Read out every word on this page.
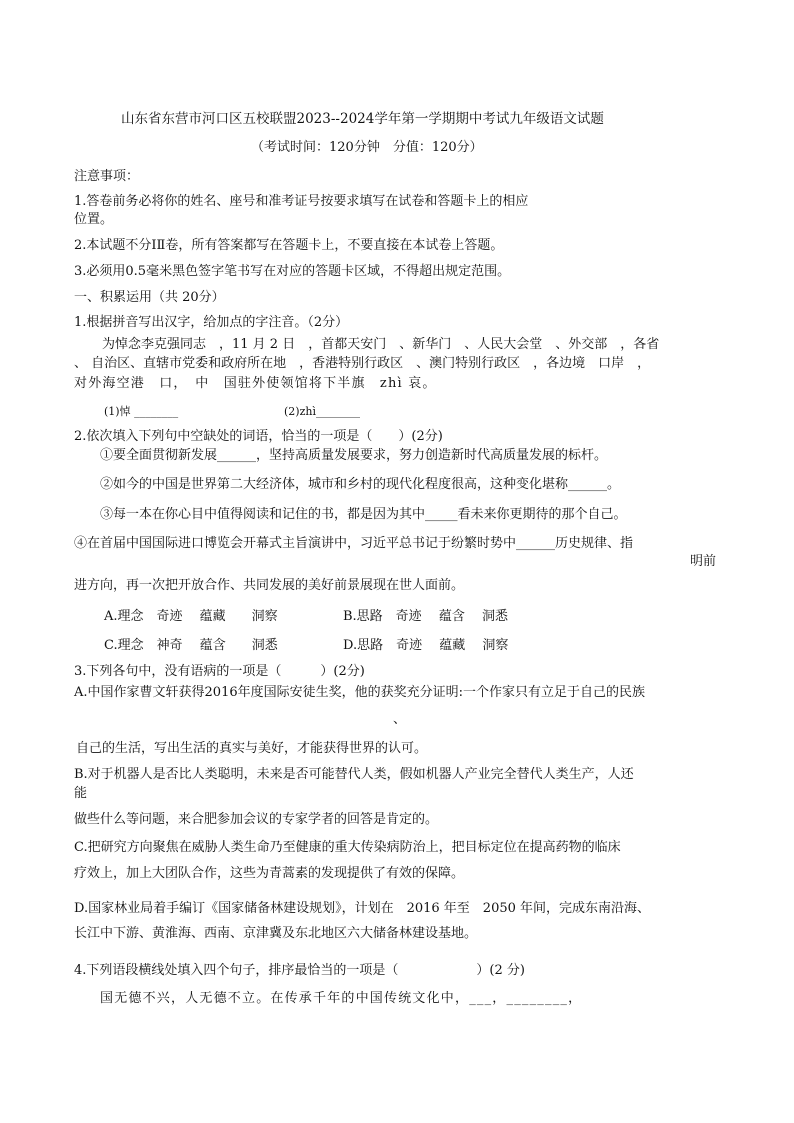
山东省东营市河口区五校联盟2023--2024学年第一学期期中考试九年级语文试题
（考试时间：120分钟　分值：120分）
注意事项：
1.答卷前务必将你的姓名、座号和准考证号按要求填写在试卷和答题卡上的相应
位置。
2.本试题不分ⅠⅡ卷，所有答案都写在答题卡上，不要直接在本试卷上答题。
3.必须用0.5毫米黑色签字笔书写在对应的答题卡区域，不得超出规定范围。
一、积累运用（共 20分）
1.根据拼音写出汉字，给加点的字注音。（2分）
为悼念李克强同志　，11 月 2 日　，首都天安门　、新华门　、人民大会堂　、外交部　，各省
、 自治区、直辖市党委和政府所在地　，香港特别行政区　、澳门特别行政区　，各边境　口岸　，
对外海空港　口，　中　国驻外使领馆将下半旗　zhì 哀。
(1)悼 ________	(2)zhì________
2.依次填入下列句中空缺处的词语，恰当的一项是（　　）(2分)
①要全面贯彻新发展______，坚持高质量发展要求，努力创造新时代高质量发展的标杆。
②如今的中国是世界第二大经济体，城市和乡村的现代化程度很高，这种变化堪称______。
③每一本在你心目中值得阅读和记住的书，都是因为其中_____看未来你更期待的那个自己。
④在首届中国国际进口博览会开幕式主旨演讲中，习近平总书记于纷繁时势中______历史规律、指
明前
进方向，再一次把开放合作、共同发展的美好前景展现在世人面前。
A.理念　奇迹　 蕴藏　　洞察	B.思路　奇迹　 蕴含　 洞悉
C.理念　神奇　 蕴含　　洞悉	D.思路　奇迹　 蕴藏　 洞察
3.下列各句中，没有语病的一项是（　　　）(2分)
A.中国作家曹文轩获得2016年度国际安徒生奖，他的获奖充分证明:一个作家只有立足于自己的民族
、
自己的生活，写出生活的真实与美好，才能获得世界的认可。
B.对于机器人是否比人类聪明，未来是否可能替代人类，假如机器人产业完全替代人类生产，人还
能
做些什么等问题，来合肥参加会议的专家学者的回答是肯定的。
C.把研究方向聚焦在威胁人类生命乃至健康的重大传染病防治上，把目标定位在提高药物的临床
疗效上，加上大团队合作，这些为青蒿素的发现提供了有效的保障。
D.国家林业局着手编订《国家储备林建设规划》，计划在　2016 年至　2050 年间，完成东南沿海、
长江中下游、黄淮海、西南、京津冀及东北地区六大储备林建设基地。
4.下列语段横线处填入四个句子，排序最恰当的一项是（　　　　　　）(2 分)
国无德不兴，人无德不立。在传承千年的中国传统文化中，___，________，
